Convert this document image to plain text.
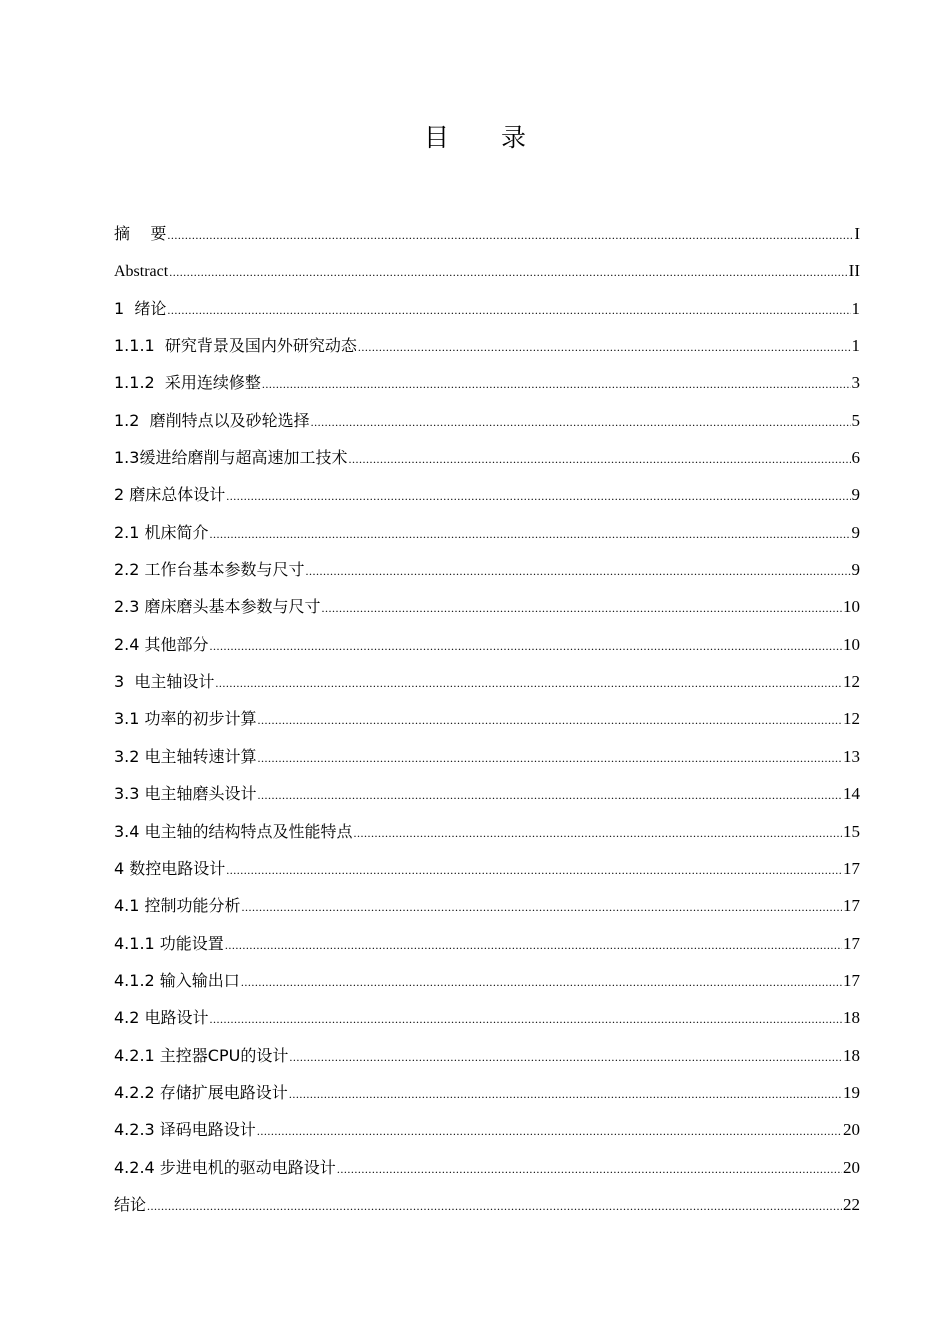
目 录
摘    要 .....	I
Abstract .....	II
1  绪论 .....	1
1.1.1  研究背景及国内外研究动态 .....	1
1.1.2  采用连续修整 .....	3
1.2  磨削特点以及砂轮选择 .....	5
1.3缓进给磨削与超高速加工技术 .....	6
2 磨床总体设计 .....	9
2.1 机床简介 .....	9
2.2 工作台基本参数与尺寸 .....	9
2.3 磨床磨头基本参数与尺寸 .....	10
2.4 其他部分 .....	10
3  电主轴设计 .....	12
3.1 功率的初步计算 .....	12
3.2 电主轴转速计算 .....	13
3.3 电主轴磨头设计 .....	14
3.4 电主轴的结构特点及性能特点 .....	15
4 数控电路设计 .....	17
4.1 控制功能分析 .....	17
4.1.1 功能设置 .....	17
4.1.2 输入输出口 .....	17
4.2 电路设计 .....	18
4.2.1 主控器CPU的设计 .....	18
4.2.2 存储扩展电路设计 .....	19
4.2.3 译码电路设计 .....	20
4.2.4 步进电机的驱动电路设计 .....	20
结论 .....	22
